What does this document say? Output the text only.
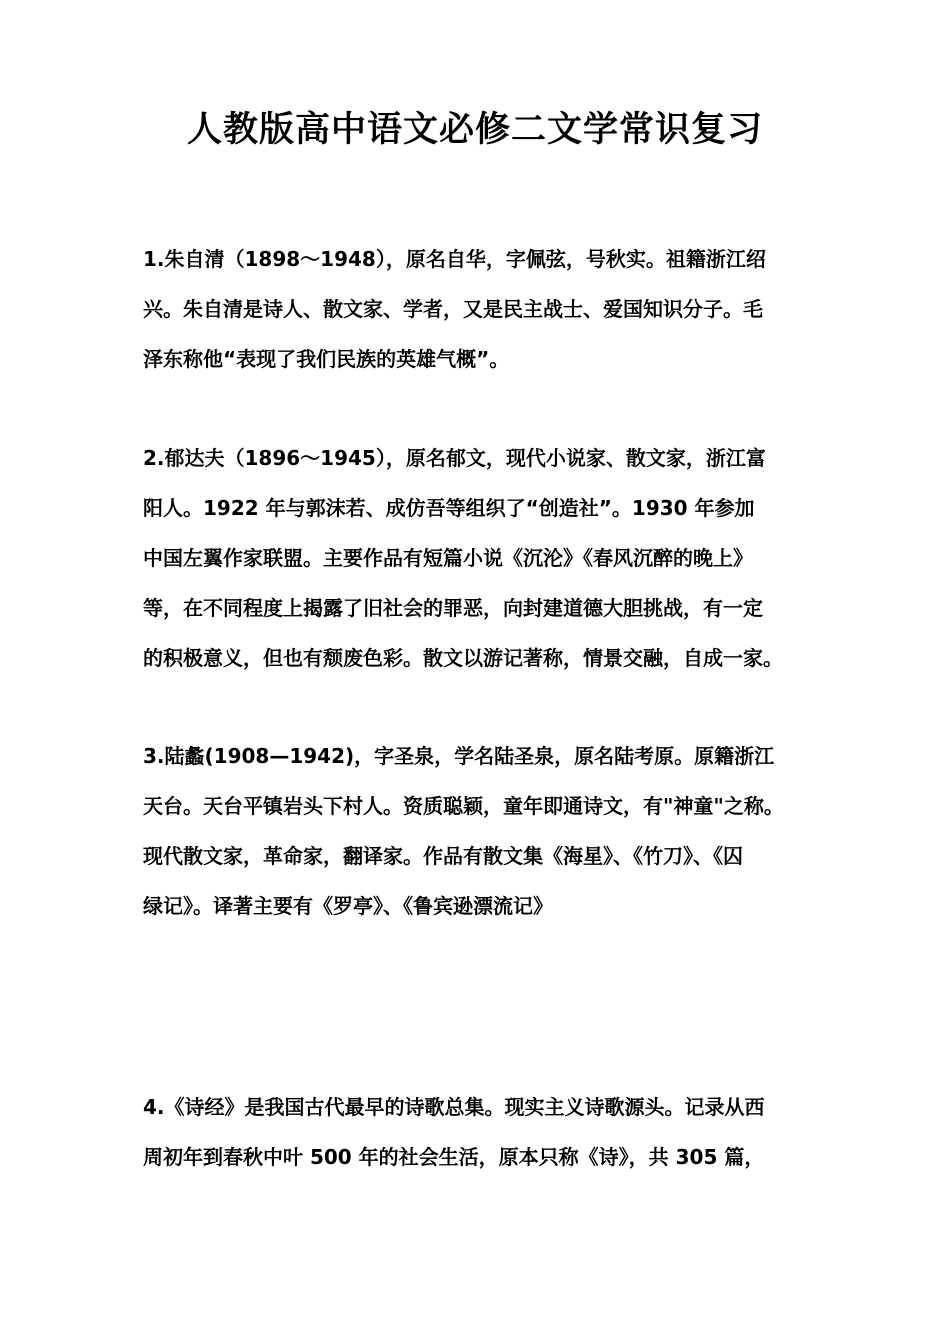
人教版高中语文必修二文学常识复习
1.朱自清（1898～1948），原名自华，字佩弦，号秋实。祖籍浙江绍
兴。朱自清是诗人、散文家、学者，又是民主战士、爱国知识分子。毛
泽东称他“表现了我们民族的英雄气概”。
2.郁达夫（1896～1945），原名郁文，现代小说家、散文家，浙江富
阳人。1922 年与郭沫若、成仿吾等组织了“创造社”。1930 年参加
中国左翼作家联盟。主要作品有短篇小说《沉沦》《春风沉醉的晚上》
等，在不同程度上揭露了旧社会的罪恶，向封建道德大胆挑战，有一定
的积极意义，但也有颓废色彩。散文以游记著称，情景交融，自成一家。
3.陆蠡(1908—1942)，字圣泉，学名陆圣泉，原名陆考原。原籍浙江
天台。天台平镇岩头下村人。资质聪颖，童年即通诗文，有"神童"之称。
现代散文家，革命家，翻译家。作品有散文集《海星》、《竹刀》、《囚
绿记》。译著主要有《罗亭》、《鲁宾逊漂流记》
4.《诗经》是我国古代最早的诗歌总集。现实主义诗歌源头。记录从西
周初年到春秋中叶 500 年的社会生活，原本只称《诗》，共 305 篇，
